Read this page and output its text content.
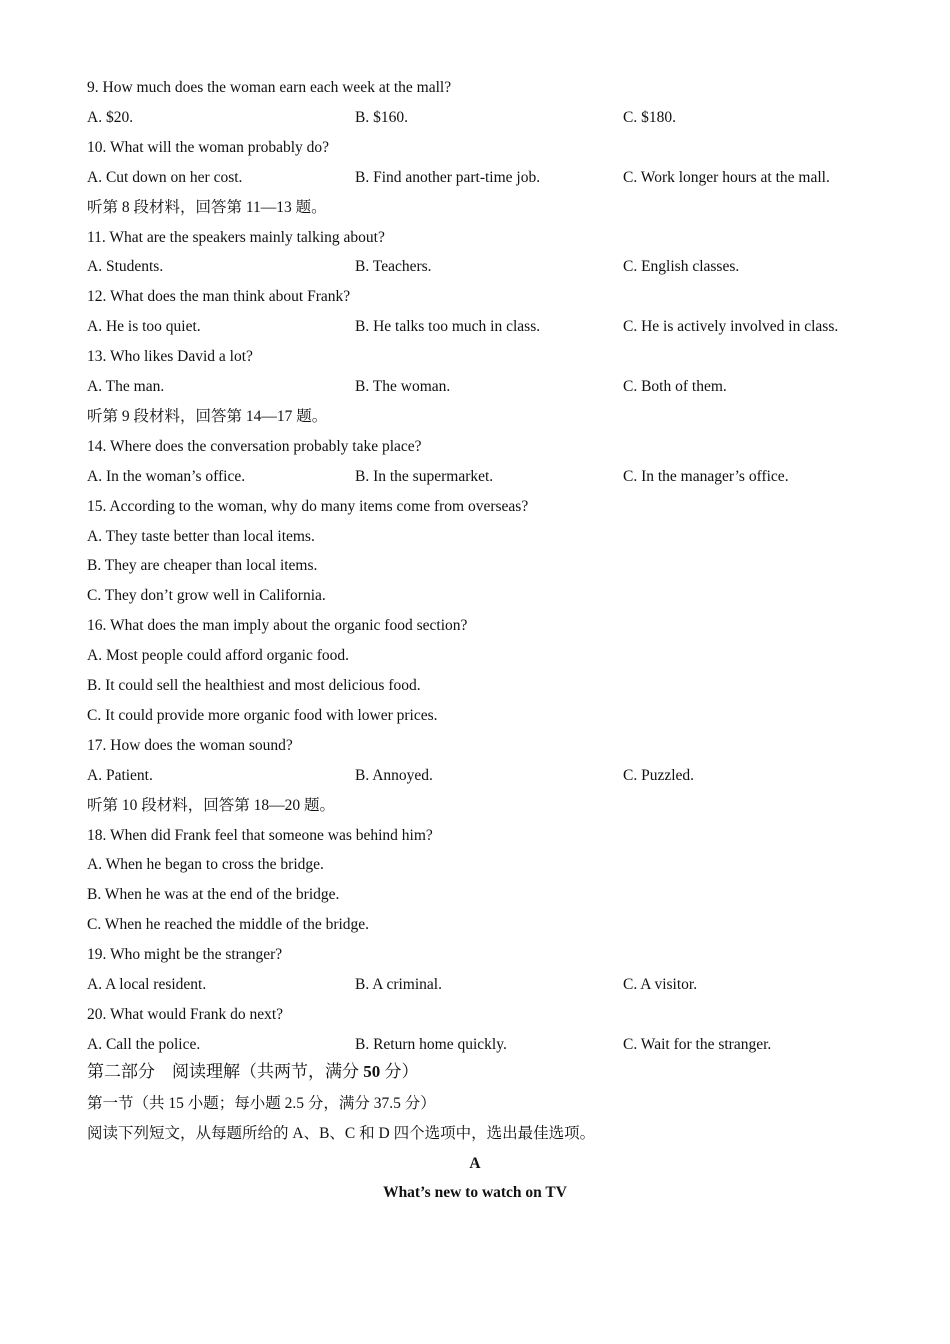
9. How much does the woman earn each week at the mall?
A. $20.	B. $160.	C. $180.
10. What will the woman probably do?
A. Cut down on her cost.	B. Find another part-time job.	C. Work longer hours at the mall.
听第 8 段材料，回答第 11—13 题。
11. What are the speakers mainly talking about?
A. Students.	B. Teachers.	C. English classes.
12. What does the man think about Frank?
A. He is too quiet.	B. He talks too much in class.	C. He is actively involved in class.
13. Who likes David a lot?
A. The man.	B. The woman.	C. Both of them.
听第 9 段材料，回答第 14—17 题。
14. Where does the conversation probably take place?
A. In the woman’s office.	B. In the supermarket.	C. In the manager’s office.
15. According to the woman, why do many items come from overseas?
A. They taste better than local items.
B. They are cheaper than local items.
C. They don’t grow well in California.
16. What does the man imply about the organic food section?
A. Most people could afford organic food.
B. It could sell the healthiest and most delicious food.
C. It could provide more organic food with lower prices.
17. How does the woman sound?
A. Patient.	B. Annoyed.	C. Puzzled.
听第 10 段材料，回答第 18—20 题。
18. When did Frank feel that someone was behind him?
A. When he began to cross the bridge.
B. When he was at the end of the bridge.
C. When he reached the middle of the bridge.
19. Who might be the stranger?
A. A local resident.	B. A criminal.	C. A visitor.
20. What would Frank do next?
A. Call the police.	B. Return home quickly.	C. Wait for the stranger.
第二部分　阅读理解（共两节，满分 50 分）
第一节（共 15 小题；每小题 2.5 分，满分 37.5 分）
阅读下列短文，从每题所给的 A、B、C 和 D 四个选项中，选出最佳选项。
A
What’s new to watch on TV
